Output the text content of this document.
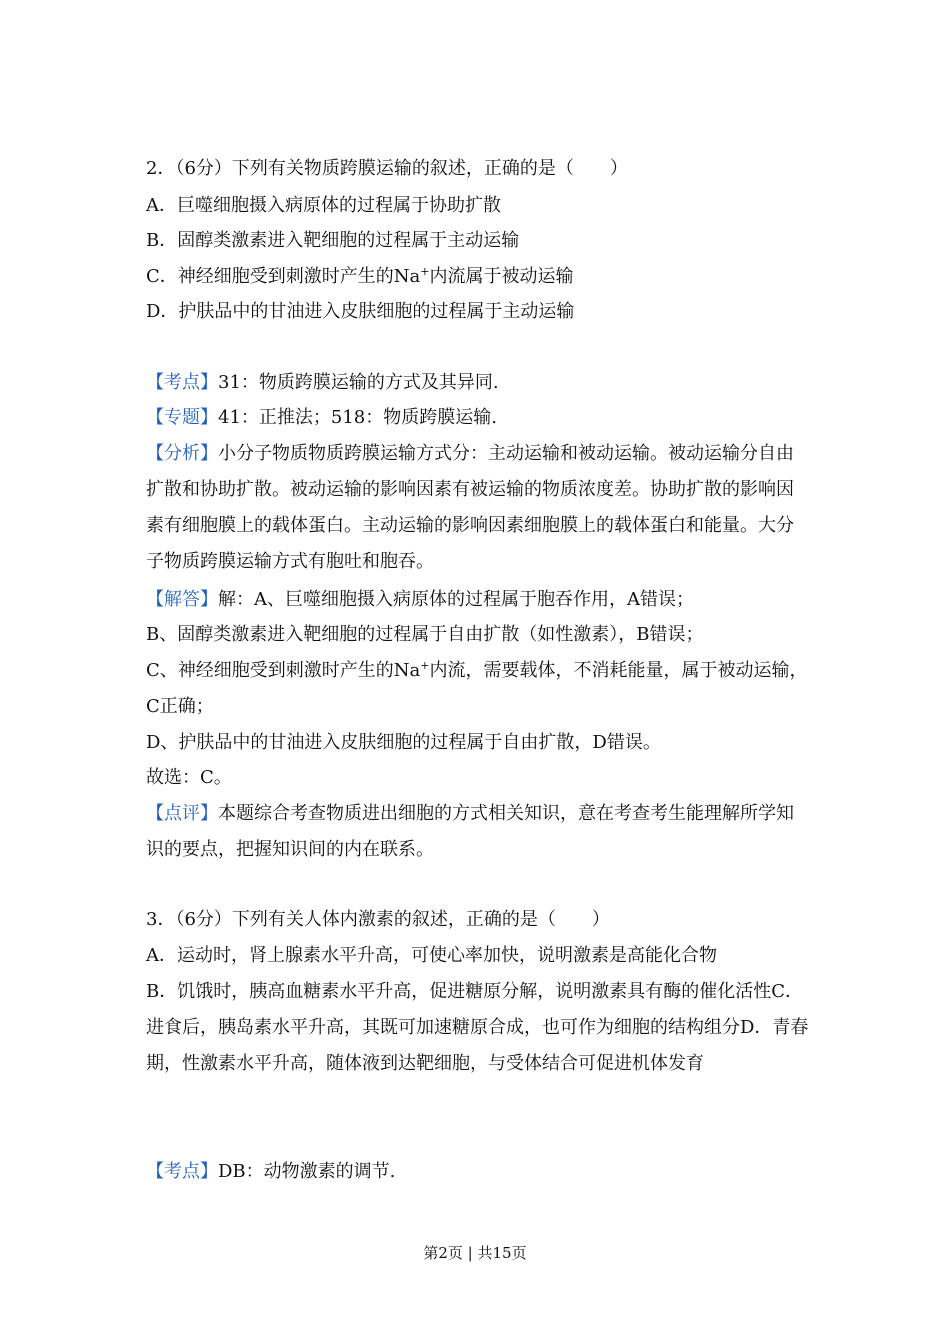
2．（6分）下列有关物质跨膜运输的叙述，正确的是（　　）
A．巨噬细胞摄入病原体的过程属于协助扩散
B．固醇类激素进入靶细胞的过程属于主动运输
C．神经细胞受到刺激时产生的Na+内流属于被动运输
D．护肤品中的甘油进入皮肤细胞的过程属于主动运输
【考点】31：物质跨膜运输的方式及其异同.
【专题】41：正推法；518：物质跨膜运输.
【分析】小分子物质物质跨膜运输方式分：主动运输和被动运输。被动运输分自由扩散和协助扩散。被动运输的影响因素有被运输的物质浓度差。协助扩散的影响因素有细胞膜上的载体蛋白。主动运输的影响因素细胞膜上的载体蛋白和能量。大分子物质跨膜运输方式有胞吐和胞吞。
【解答】解：A、巨噬细胞摄入病原体的过程属于胞吞作用，A错误；
B、固醇类激素进入靶细胞的过程属于自由扩散（如性激素），B错误；
C、神经细胞受到刺激时产生的Na+内流，需要载体，不消耗能量，属于被动运输，C正确；
D、护肤品中的甘油进入皮肤细胞的过程属于自由扩散，D错误。
故选：C。
【点评】本题综合考查物质进出细胞的方式相关知识，意在考查考生能理解所学知识的要点，把握知识间的内在联系。
3．（6分）下列有关人体内激素的叙述，正确的是（　　）
A．运动时，肾上腺素水平升高，可使心率加快，说明激素是高能化合物
B．饥饿时，胰高血糖素水平升高，促进糖原分解，说明激素具有酶的催化活性C．进食后，胰岛素水平升高，其既可加速糖原合成，也可作为细胞的结构组分D．青春期，性激素水平升高，随体液到达靶细胞，与受体结合可促进机体发育
【考点】DB：动物激素的调节.
第2页 | 共15页
